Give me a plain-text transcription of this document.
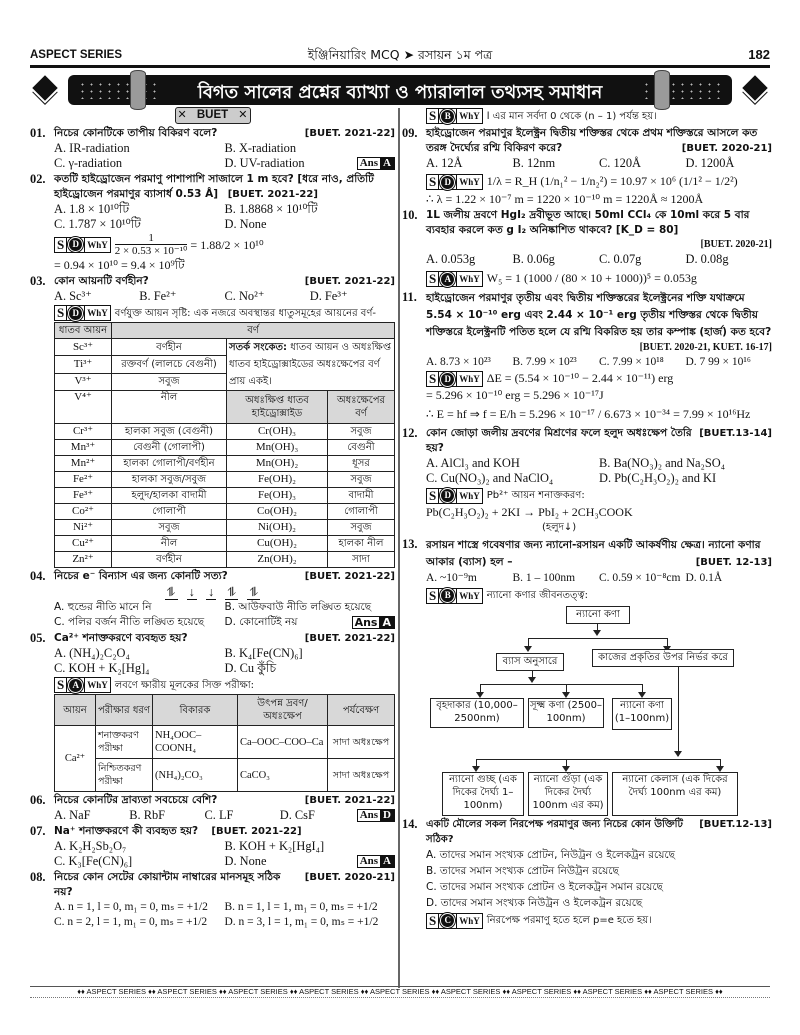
ASPECT SERIES	ইঞ্জিনিয়ারিং MCQ ➤ রসায়ন ১ম পত্র	182
বিগত সালের প্রশ্নের ব্যাখ্যা ও প্যারালাল তথ্যসহ সমাধান
✕ BUET ✕
01.	[BUET. 2021-22]
নিচের কোনটিকে তাপীয় বিকিরণ বলে?
A. IR-radiation	B. X-radiation
C. γ-radiation	D. UV-radiation	Ans A
02. কতটি হাইড্রোজেন পরমাণু পাশাপাশি সাজালে 1 m হবে? [ধরে নাও, প্রতিটি হাইড্রোজেন পরমাণুর ব্যাসার্ধ 0.53 Å] [BUET. 2021-22]
A. 1.8 × 10¹⁰টি	B. 1.8868 × 10¹⁰টি
C. 1.787 × 10¹⁰টি	D. None
S D WhY $\frac{1}{\text{2 × 0.53 × 10⁻¹⁰}} = 1.88/2 \times 10^{10}$
= 0.94 × 10¹⁰ = 9.4 × 10⁹টি
03.	[BUET. 2021-22]
কোন আয়নটি বর্ণহীন?
A. Sc³⁺	B. Fe²⁺	C. No²⁺	D. Fe³⁺
S D WhY বর্ণযুক্ত আয়ন সৃষ্টি: এক নজরে অবস্থান্তর ধাতুসমূহের আয়নের বর্ণ-
ধাতব আয়ন	বর্ণ		
Sc³⁺	বর্ণহীন	সতর্ক সংকেত: ধাতব আয়ন ও অধঃক্ষিপ্ত ধাতব হাইড্রোক্সাইডের অধঃক্ষেপের বর্ণ প্রায় একই।	
Ti³⁺	রক্তবর্ণ (লালচে বেগুনী)		
V³⁺	সবুজ		
V⁴⁺	নীল	অধঃক্ষিপ্ত ধাতব হাইড্রোক্সাইড	অধঃক্ষেপের বর্ণ
Cr³⁺	হালকা সবুজ (বেগুনী)	Cr(OH)₃	সবুজ
Mn³⁺	বেগুনী (গোলাপী)	Mn(OH)₃	বেগুনী
Mn²⁺	হালকা গোলাপী/বর্ণহীন	Mn(OH)₂	ধূসর
Fe²⁺	হালকা সবুজ/সবুজ	Fe(OH)₂	সবুজ
Fe³⁺	হলুদ/হালকা বাদামী	Fe(OH)₃	বাদামী
Co²⁺	গোলাপী	Co(OH)₂	গোলাপী
Ni²⁺	সবুজ	Ni(OH)₂	সবুজ
Cu²⁺	নীল	Cu(OH)₂	হালকা নীল
Zn²⁺	বর্ণহীন	Zn(OH)₂	সাদা
04.	[BUET. 2021-22]
নিচের e⁻ বিন্যাস এর জন্য কোনটি সত্য?
⥮ ↓ ↓ ⥮ ⥮
A. হুন্ডের নীতি মানে নি	B. আউফবাউ নীতি লঙ্ঘিত হয়েছে
C. পলির বর্জন নীতি লঙ্ঘিত হয়েছে	D. কোনোটিই নয়	Ans A
05.	[BUET. 2021-22]
Ca²⁺ শনাক্তকরণে ব্যবহৃত হয়?
A. (NH₄)₂C₂O₄	B. K₄[Fe(CN)₆]
C. KOH + K₂[Hg]₄	D. Cu কুঁচি
S A WhY লবণে ক্ষারীয় মূলকের সিক্ত পরীক্ষা:
আয়ন	পরীক্ষার ধরণ	বিকারক	উৎপন্ন দ্রবণ/ অধঃক্ষেপ	পর্যবেক্ষণ
Ca²⁺	শনাক্তকরণ পরীক্ষা	NH₄OOC–COONH₄	Ca–OOC–COO–Ca	সাদা অধঃক্ষেপ
	নিশ্চিতকরণ পরীক্ষা	(NH₄)₂CO₃	CaCO₃	সাদা অধঃক্ষেপ
06.	[BUET. 2021-22]
নিচের কোনটির দ্রাব্যতা সবচেয়ে বেশি?
A. NaF	B. RbF	C. LF	D. CsF	Ans D
07. Na⁺ শনাক্তকরণে কী ব্যবহৃত হয়? [BUET. 2021-22]
A. K₂H₂Sb₂O₇	B. KOH + K₂[HgI₄]
C. K₃[Fe(CN)₆]	D. None	Ans A
08.	[BUET. 2020-21]
নিচের কোন সেটের কোয়ান্টাম নাম্বারের মানসমূহ সঠিক নয়?
A. n = 1, l = 0, m₁ = 0, mₛ = +1/2	B. n = 1, l = 1, m₁ = 0, mₛ = +1/2
C. n = 2, l = 1, m₁ = 0, mₛ = +1/2	D. n = 3, l = 1, m₁ = 0, mₛ = +1/2
S B WhY l এর মান সর্বদা 0 থেকে (n – 1) পর্যন্ত হয়।
09. হাইড্রোজেন পরমাণুর ইলেক্ট্রন দ্বিতীয় শক্তিস্তর থেকে প্রথম শক্তিস্তরে আসলে কত তরঙ্গ দৈর্ঘ্যের রশ্মি বিকিরণ করে?	[BUET. 2020-21]
A. 12Å	B. 12nm	C. 120Å	D. 1200Å
S D WhY 1/λ = R_H (1/n₁² − 1/n₂²) = 10.97 × 10⁶ (1/1² − 1/2²)
∴ λ = 1.22 × 10⁻⁷ m = 1220 × 10⁻¹⁰ m = 1220Å ≈ 1200Å
10. 1L জলীয় দ্রবণে HgI₂ দ্রবীভূত আছে। 50ml CCl₄ কে 10ml করে 5 বার ব্যবহার করলে কত g I₂ অনিষ্কাশিত থাকবে? [K_D = 80]
[BUET. 2020-21]
A. 0.053g	B. 0.06g	C. 0.07g	D. 0.08g
S A WhY W₅ = 1 (1000 / (80 × 10 + 1000))⁵ = 0.053g
11. হাইড্রোজেন পরমাণুর তৃতীয় এবং দ্বিতীয় শক্তিস্তরের ইলেক্ট্রনের শক্তি যথাক্রমে 5.54 × 10⁻¹⁰ erg এবং 2.44 × 10⁻¹ erg তৃতীয় শক্তিস্তর থেকে দ্বিতীয় শক্তিস্তরে ইলেক্ট্রনটি পতিত হলে যে রশ্মি বিকরিত হয় তার কম্পাঙ্ক (হার্জ) কত হবে?
[BUET. 2020-21, KUET. 16-17]
A. 8.73 × 10²³	B. 7.99 × 10²³	C. 7.99 × 10¹⁸	D. 7 99 × 10¹⁶
S D WhY ΔE = (5.54 × 10⁻¹⁰ − 2.44 × 10⁻¹¹) erg
= 5.296 × 10⁻¹⁰ erg = 5.296 × 10⁻¹⁷J
∴ E = hf ⇒ f = E/h = 5.296 × 10⁻¹⁷ / 6.673 × 10⁻³⁴ = 7.99 × 10¹⁶Hz
12.	[BUET.13-14]
কোন জোড়া জলীয় দ্রবণের মিশ্রণের ফলে হলুদ অধঃক্ষেপ তৈরি হয়?
A. AlCl₃ and KOH	B. Ba(NO₃)₂ and Na₂SO₄
C. Cu(NO₃)₂ and NaClO₄	D. Pb(C₂H₃O₂)₂ and KI
S D WhY Pb²⁺ আয়ন শনাক্তকরণ:
Pb(C₂H₃O₂)₂ + 2KI → PbI₂ + 2CH₃COOK
(হলুদ↓)
13. রসায়ন শাস্ত্রে গবেষণার জন্য ন্যানো-রসায়ন একটি আকর্ষণীয় ক্ষেত্র। ন্যানো কণার আকার (ব্যাস) হল –	[BUET. 12-13]
A. ~10⁻⁹m	B. 1 – 100nm	C. 0.59 × 10⁻⁸cm D. 0.1Å
S B WhY ন্যানো কণার জীবনতত্ত্ব:
ন্যানো কণা
ব্যাস অনুসারে	কাজের প্রকৃতির উপর নির্ভর করে
বৃহদাকার (10,000–2500nm)
সূক্ষ্ম কণা (2500–100nm)
ন্যানো কণা (1–100nm)
ন্যানো গুচ্ছ (এক দিকের দৈর্ঘ্য 1–100nm)
ন্যানো গুঁড়া (এক দিকের দৈর্ঘ্য 100nm এর কম)
ন্যানো কেলাস (এক দিকের দৈর্ঘ্য 100nm এর কম)
14.	[BUET.12-13]
একটি মৌলের সকল নিরপেক্ষ পরমাণুর জন্য নিচের কোন উক্তিটি সঠিক?
A. তাদের সমান সংখ্যক প্রোটন, নিউট্রন ও ইলেকট্রন রয়েছে
B. তাদের সমান সংখ্যক প্রোটন নিউট্রন রয়েছে
C. তাদের সমান সংখ্যক প্রোটন ও ইলেকট্রন সমান রয়েছে
D. তাদের সমান সংখ্যক নিউট্রন ও ইলেকট্রন রয়েছে
S C WhY নিরপেক্ষ পরমাণু হতে হলে p=e হতে হয়।
♦♦ ASPECT SERIES ♦♦ ASPECT SERIES ♦♦ ASPECT SERIES ♦♦ ASPECT SERIES ♦♦ ASPECT SERIES ♦♦ ASPECT SERIES ♦♦ ASPECT SERIES ♦♦ ASPECT SERIES ♦♦ ASPECT SERIES ♦♦
